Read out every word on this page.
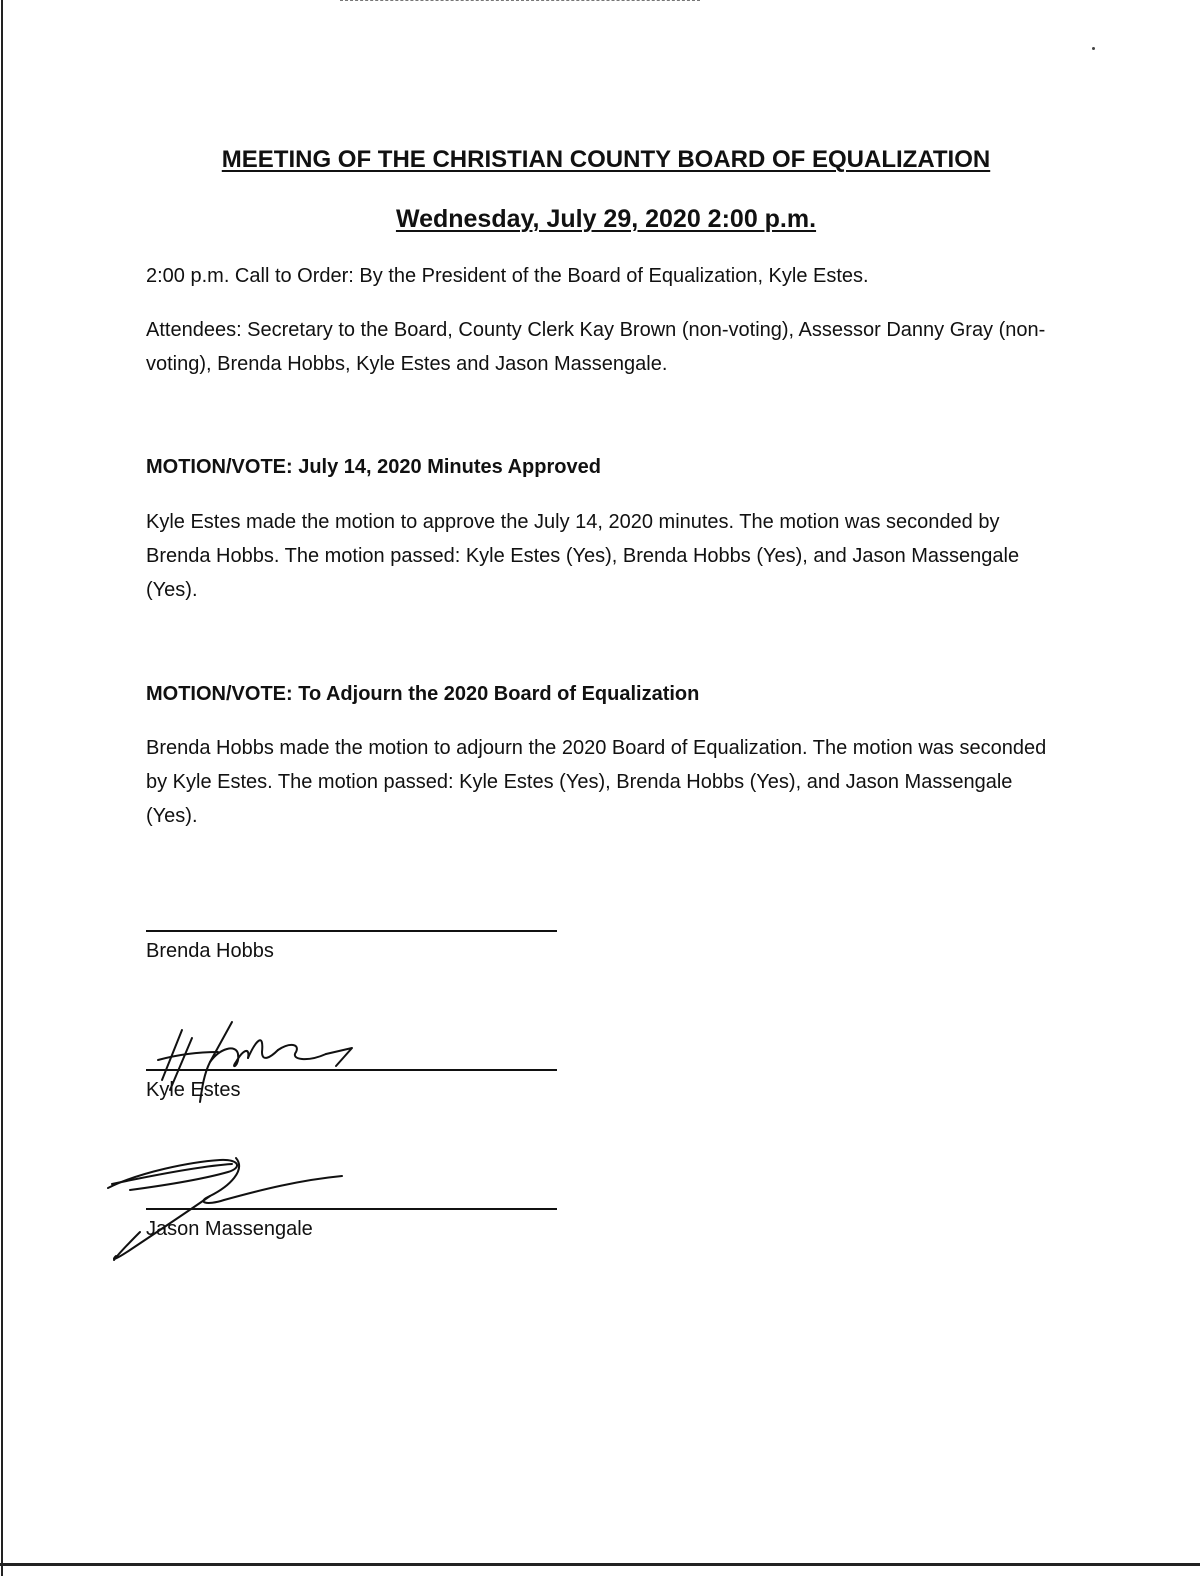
MEETING OF THE CHRISTIAN COUNTY BOARD OF EQUALIZATION
Wednesday, July 29, 2020 2:00 p.m.

2:00 p.m. Call to Order: By the President of the Board of Equalization, Kyle Estes.

Attendees: Secretary to the Board, County Clerk Kay Brown (non-voting), Assessor Danny Gray (non-voting), Brenda Hobbs, Kyle Estes and Jason Massengale.

MOTION/VOTE: July 14, 2020 Minutes Approved

Kyle Estes made the motion to approve the July 14, 2020 minutes. The motion was seconded by Brenda Hobbs. The motion passed: Kyle Estes (Yes), Brenda Hobbs (Yes), and Jason Massengale (Yes).

MOTION/VOTE: To Adjourn the 2020 Board of Equalization

Brenda Hobbs made the motion to adjourn the 2020 Board of Equalization. The motion was seconded by Kyle Estes. The motion passed: Kyle Estes (Yes), Brenda Hobbs (Yes), and Jason Massengale (Yes).

Brenda Hobbs

Kyle Estes

Jason Massengale
